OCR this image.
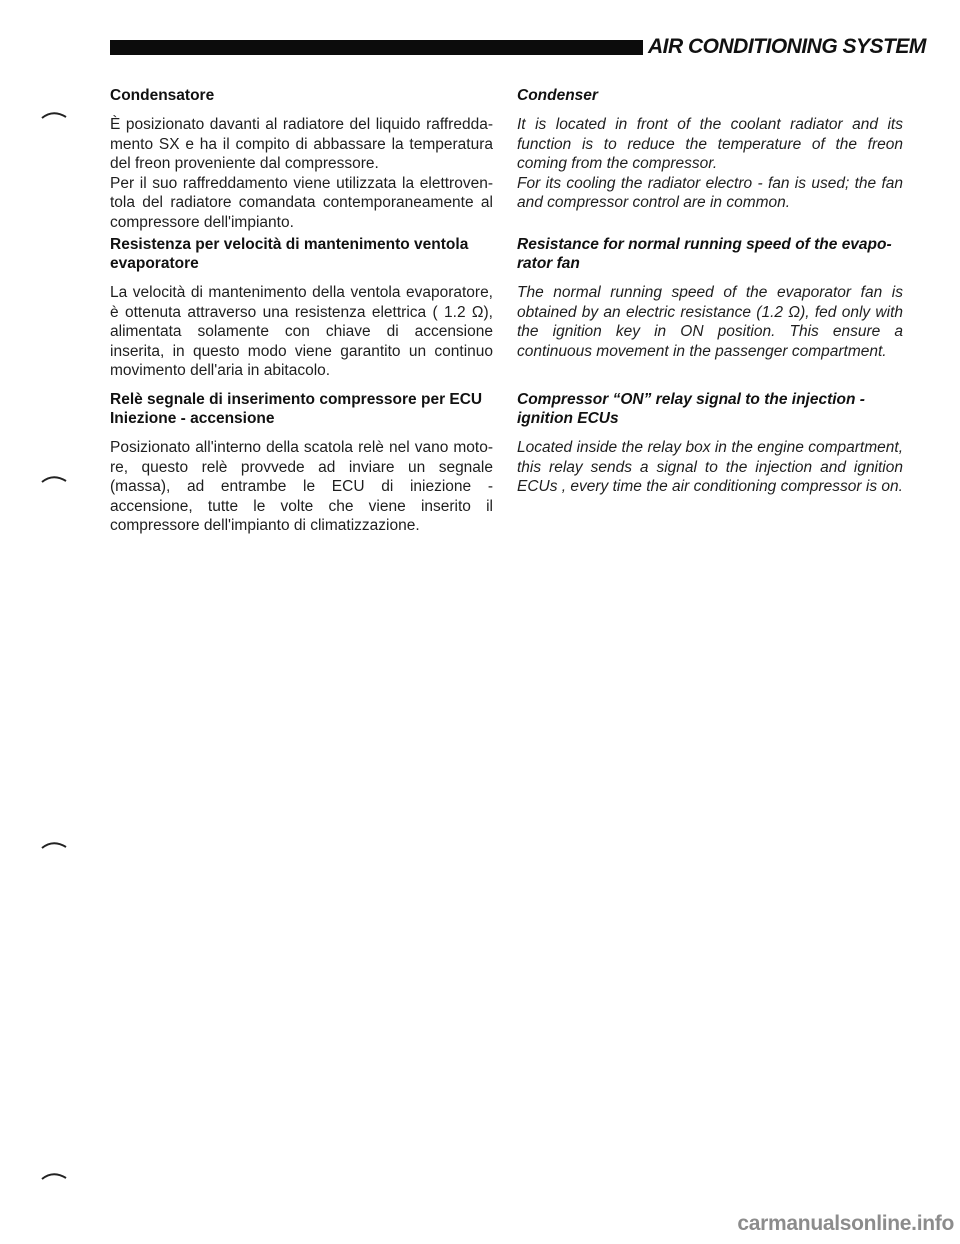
AIR CONDITIONING SYSTEM

Condensatore

È posizionato davanti al radiatore del liquido raffredda-mento SX e ha il compito di abbassare la temperatura del freon proveniente dal compressore.

Per il suo raffreddamento viene utilizzata la elettroven-tola del radiatore comandata contemporaneamente al compressore dell'impianto.

Resistenza per velocità di mantenimento ventola evaporatore

La velocità di mantenimento della ventola evaporatore, è ottenuta attraverso una resistenza elettrica ( 1.2 Ω), alimentata solamente con chiave di accensione inserita, in questo modo viene garantito un continuo movimento dell'aria in abitacolo.

Relè segnale di inserimento compressore per ECU Iniezione - accensione

Posizionato all'interno della scatola relè nel vano moto-re, questo relè provvede ad inviare un segnale (massa), ad entrambe le ECU di iniezione - accensione, tutte le volte che viene inserito il compressore dell'impianto di climatizzazione.

Condenser

It is located in front of the coolant radiator and its function is to reduce the temperature of the freon coming from the compressor.

For its cooling the radiator electro - fan is used; the fan and compressor control are in common.

Resistance for normal running speed of the evapo-rator fan

The normal running speed of the evaporator fan is obtained by an electric resistance (1.2 Ω), fed only with the ignition key in ON position. This ensure a continuous movement in the passenger compartment.

Compressor “ON” relay signal to the injection - ignition ECUs

Located inside the relay box in the engine compartment, this relay sends a signal to the injection and ignition ECUs , every time the air conditioning compressor is on.

carmanualsonline.info
